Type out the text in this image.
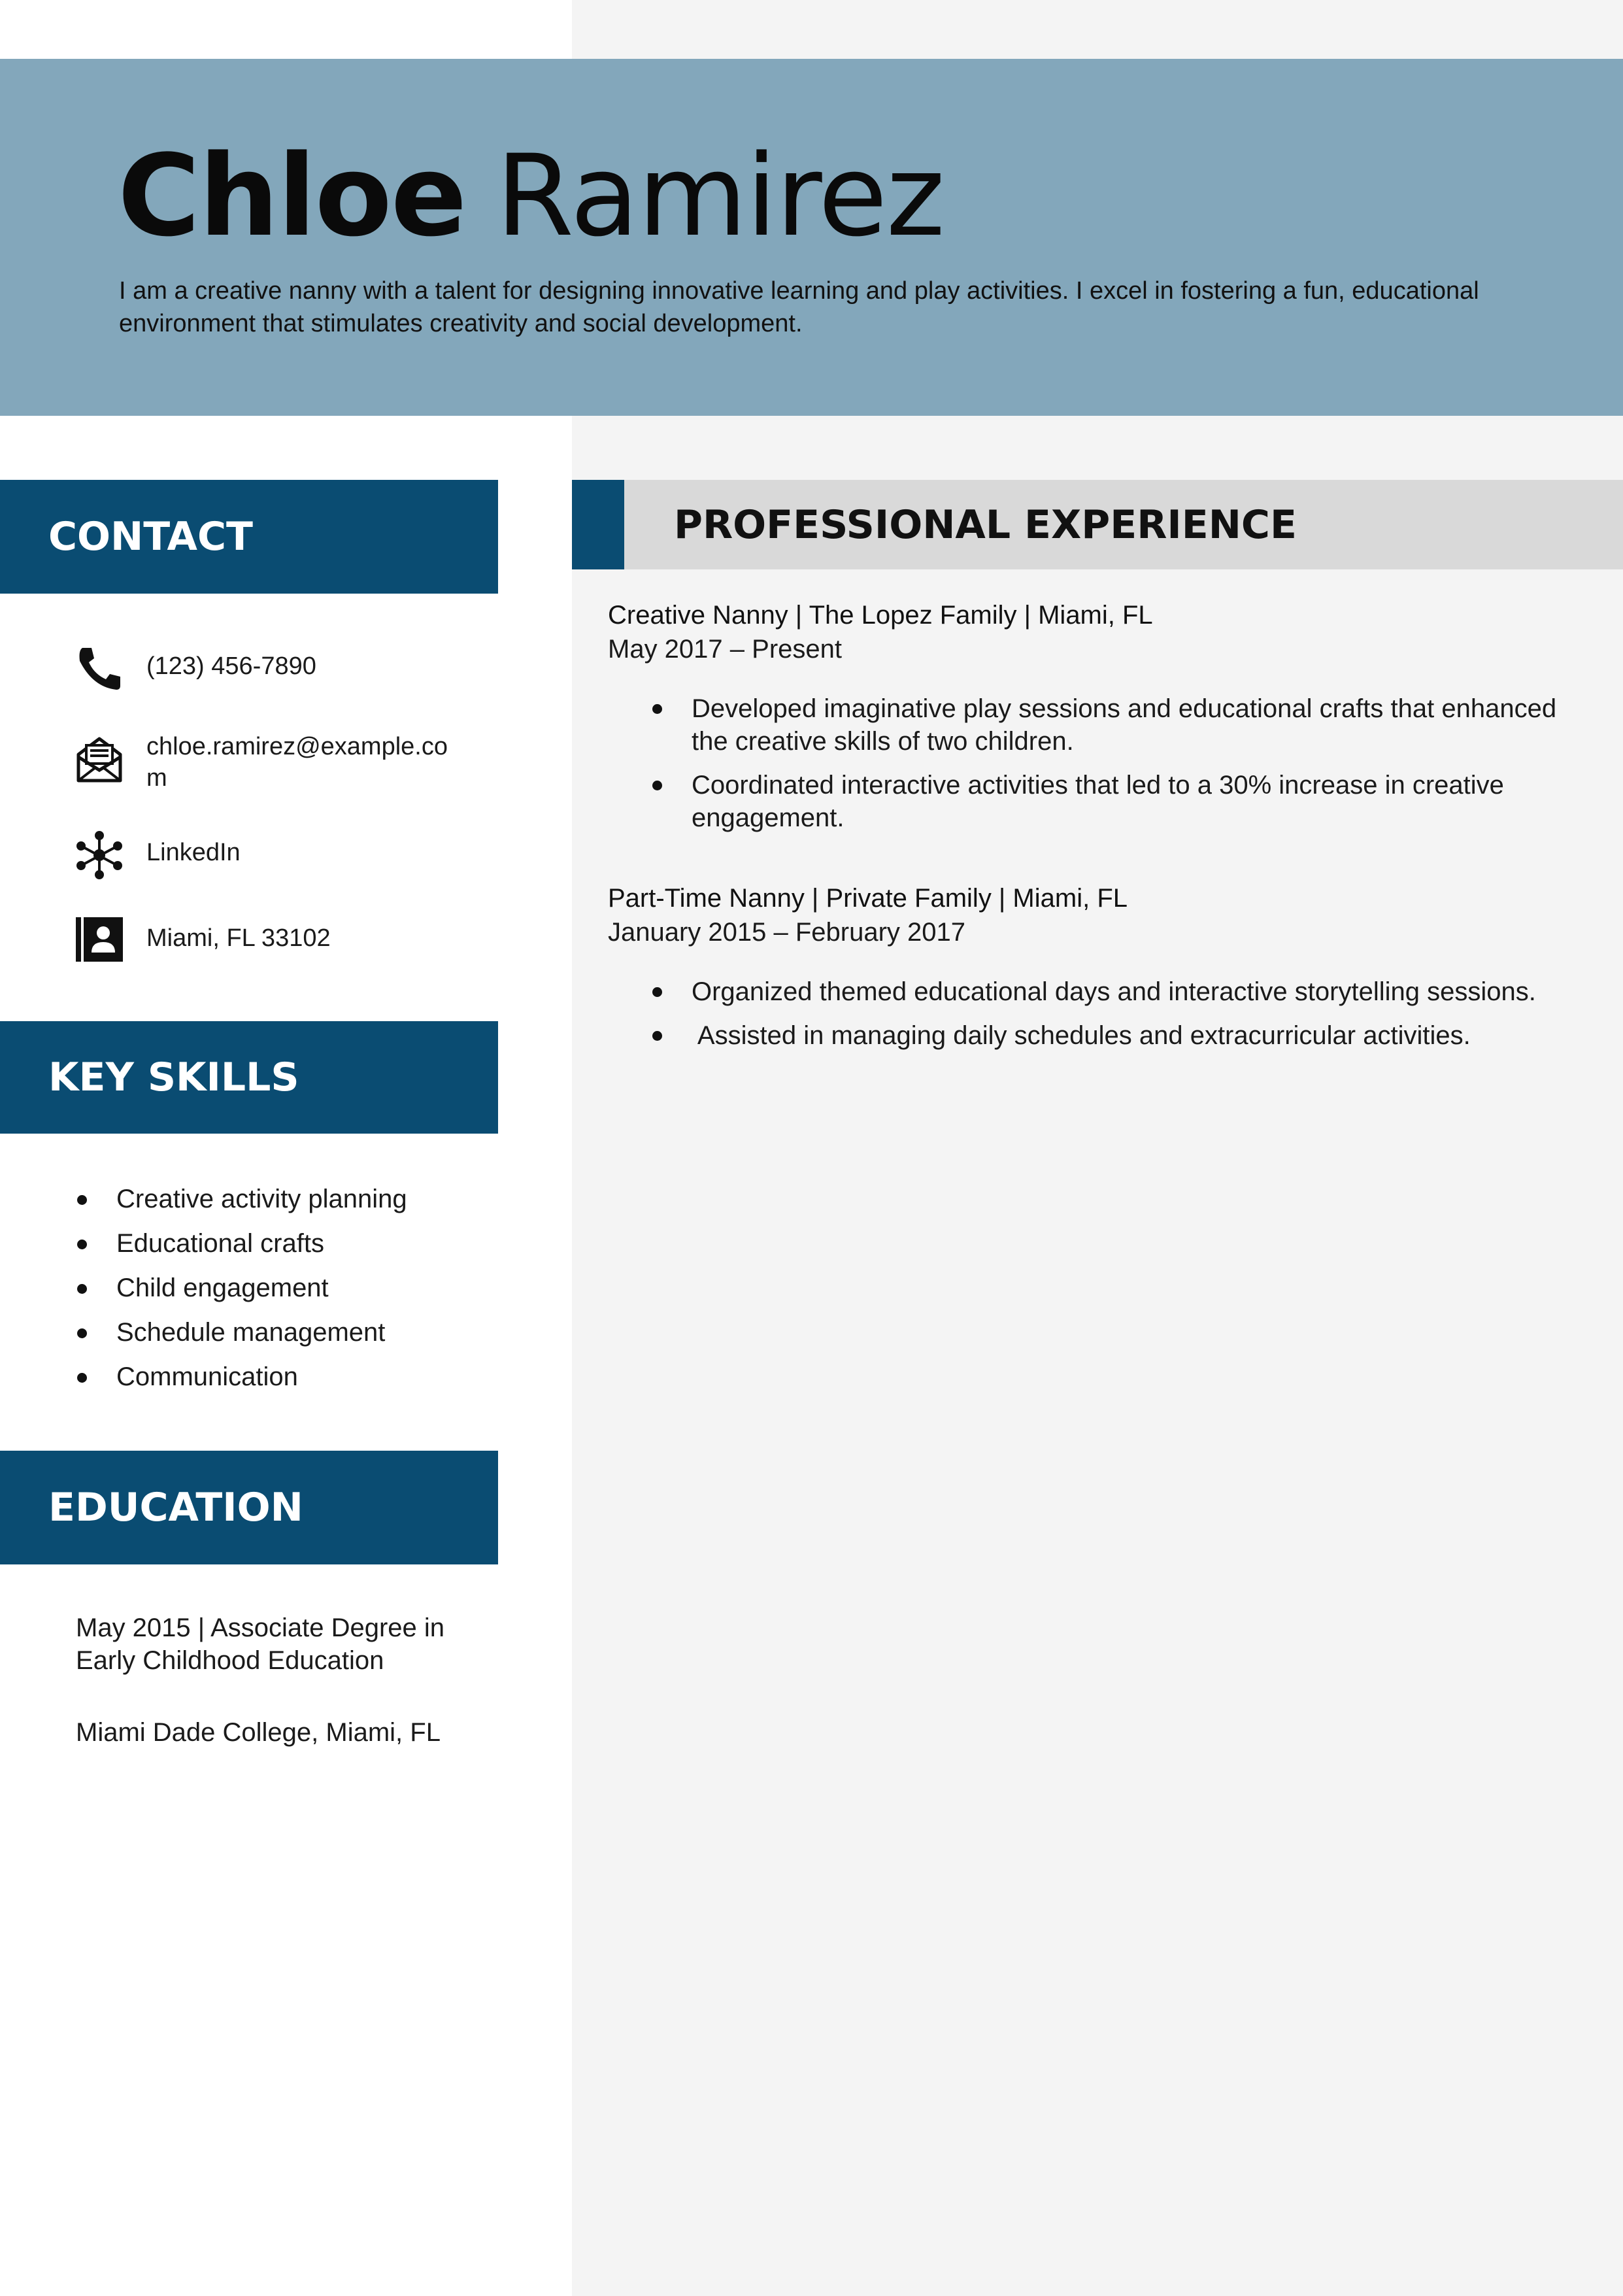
Chloe Ramirez
I am a creative nanny with a talent for designing innovative learning and play activities. I excel in fostering a fun, educational environment that stimulates creativity and social development.
CONTACT
(123) 456-7890
chloe.ramirez@example.com
LinkedIn
Miami, FL 33102
KEY SKILLS
Creative activity planning
Educational crafts
Child engagement
Schedule management
Communication
EDUCATION
May 2015 | Associate Degree in Early Childhood Education
Miami Dade College, Miami, FL
PROFESSIONAL EXPERIENCE
Creative Nanny | The Lopez Family | Miami, FL
May 2017 – Present
Developed imaginative play sessions and educational crafts that enhanced the creative skills of two children.
Coordinated interactive activities that led to a 30% increase in creative engagement.
Part-Time Nanny | Private Family | Miami, FL
January 2015 – February 2017
Organized themed educational days and interactive storytelling sessions.
Assisted in managing daily schedules and extracurricular activities.
